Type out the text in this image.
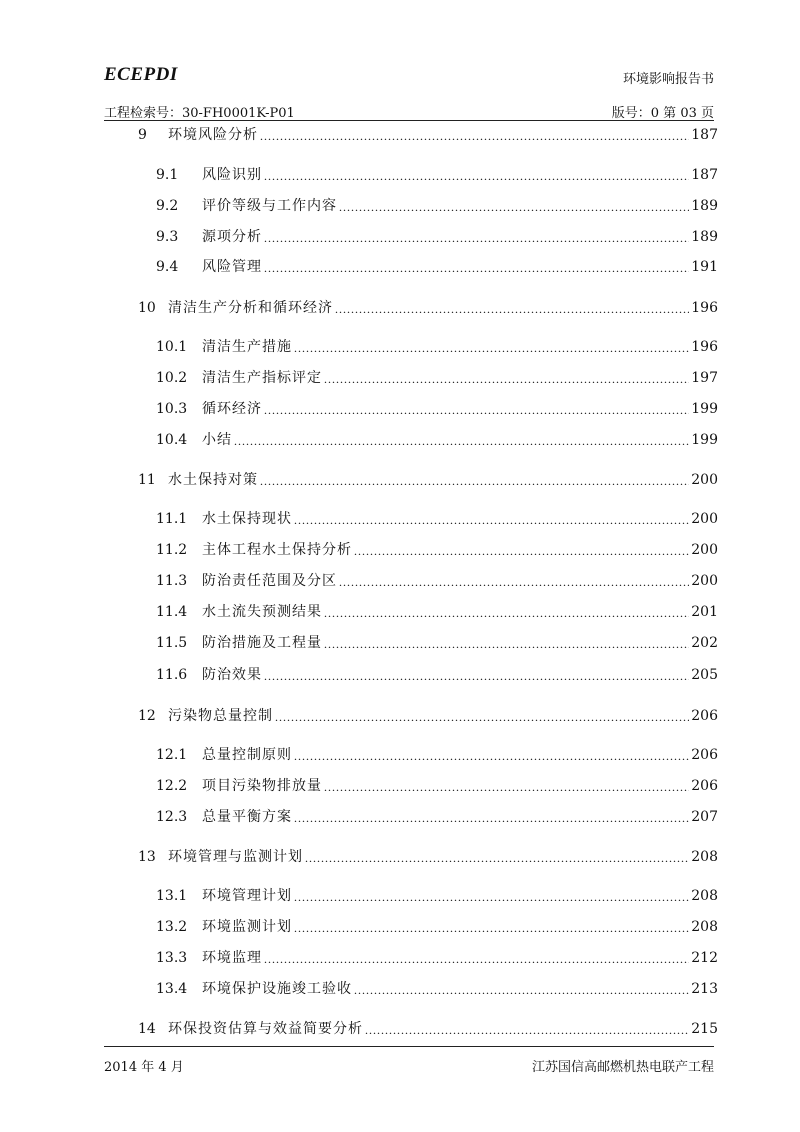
ECEPDI	环境影响报告书
工程检索号：30-FH0001K-P01	版号：0 第 03 页
9	环境风险分析 .....	187
9.1	风险识别 .....	187
9.2	评价等级与工作内容 .....	189
9.3	源项分析 .....	189
9.4	风险管理 .....	191
10 清洁生产分析和循环经济 .....	196
10.1	清洁生产措施 .....	196
10.2	清洁生产指标评定 .....	197
10.3	循环经济 .....	199
10.4	小结 .....	199
11 水土保持对策 .....	200
11.1	水土保持现状 .....	200
11.2	主体工程水土保持分析 .....	200
11.3	防治责任范围及分区 .....	200
11.4	水土流失预测结果 .....	201
11.5	防治措施及工程量 .....	202
11.6	防治效果 .....	205
12 污染物总量控制 .....	206
12.1	总量控制原则 .....	206
12.2	项目污染物排放量 .....	206
12.3	总量平衡方案 .....	207
13 环境管理与监测计划 .....	208
13.1	环境管理计划 .....	208
13.2	环境监测计划 .....	208
13.3	环境监理 .....	212
13.4	环境保护设施竣工验收 .....	213
14 环保投资估算与效益简要分析 .....	215
2014 年 4 月	江苏国信高邮燃机热电联产工程
